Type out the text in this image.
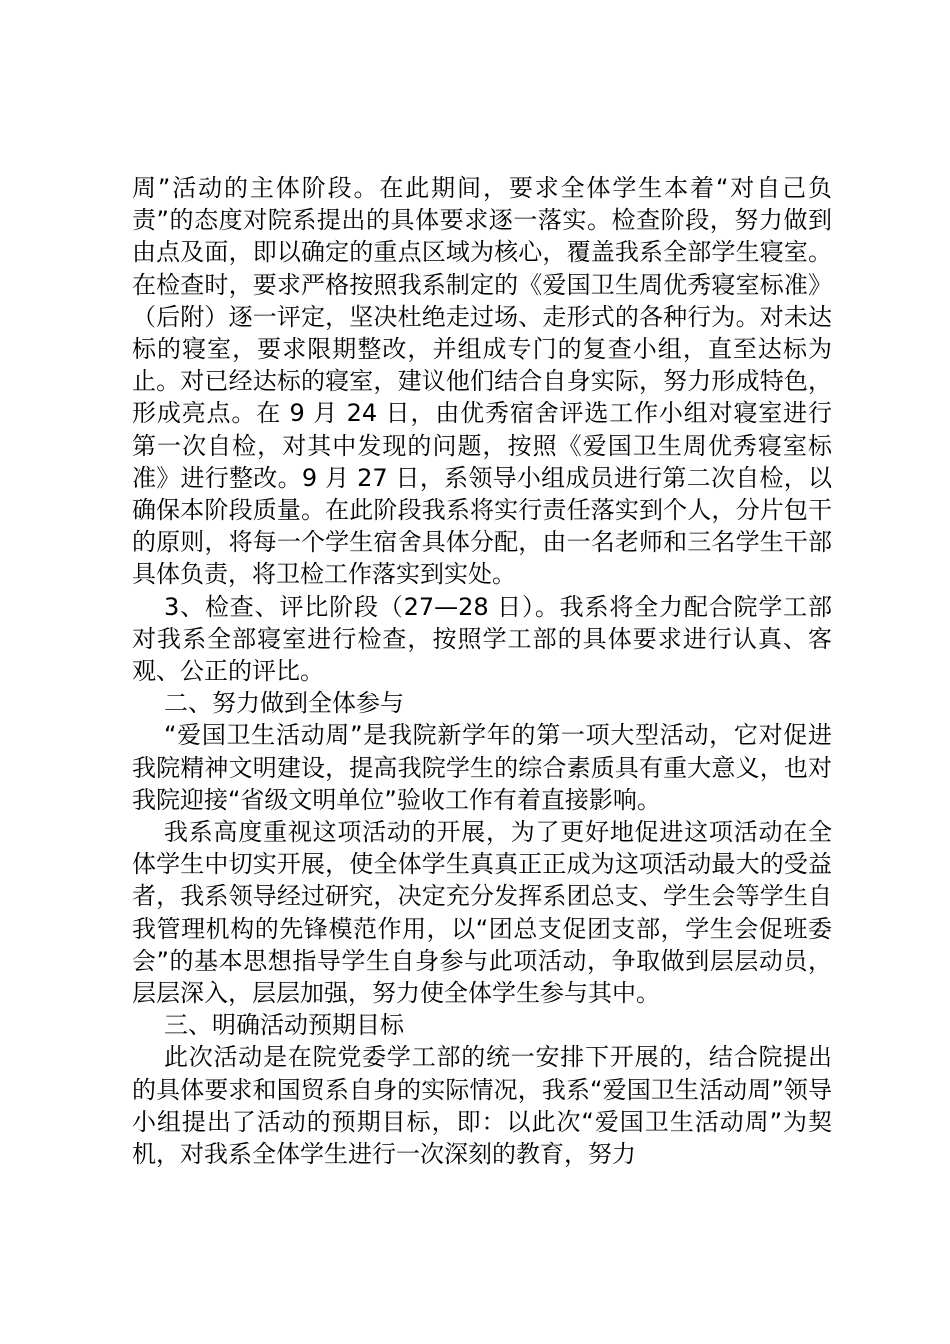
周”活动的主体阶段。在此期间，要求全体学生本着“对自己负责”的态度对院系提出的具体要求逐一落实。检查阶段，努力做到由点及面，即以确定的重点区域为核心，覆盖我系全部学生寝室。在检查时，要求严格按照我系制定的《爱国卫生周优秀寝室标准》（后附）逐一评定，坚决杜绝走过场、走形式的各种行为。对未达标的寝室，要求限期整改，并组成专门的复查小组，直至达标为止。对已经达标的寝室，建议他们结合自身实际，努力形成特色，形成亮点。在 9 月 24 日，由优秀宿舍评选工作小组对寝室进行第一次自检，对其中发现的问题，按照《爱国卫生周优秀寝室标准》进行整改。9 月 27 日，系领导小组成员进行第二次自检，以确保本阶段质量。在此阶段我系将实行责任落实到个人，分片包干的原则，将每一个学生宿舍具体分配，由一名老师和三名学生干部具体负责，将卫检工作落实到实处。

3、检查、评比阶段（27—28 日）。我系将全力配合院学工部对我系全部寝室进行检查，按照学工部的具体要求进行认真、客观、公正的评比。

二、努力做到全体参与

“爱国卫生活动周”是我院新学年的第一项大型活动，它对促进我院精神文明建设，提高我院学生的综合素质具有重大意义，也对我院迎接“省级文明单位”验收工作有着直接影响。

我系高度重视这项活动的开展，为了更好地促进这项活动在全体学生中切实开展，使全体学生真真正正成为这项活动最大的受益者，我系领导经过研究，决定充分发挥系团总支、学生会等学生自我管理机构的先锋模范作用，以“团总支促团支部，学生会促班委会”的基本思想指导学生自身参与此项活动，争取做到层层动员，层层深入，层层加强，努力使全体学生参与其中。

三、明确活动预期目标

此次活动是在院党委学工部的统一安排下开展的，结合院提出的具体要求和国贸系自身的实际情况，我系“爱国卫生活动周”领导小组提出了活动的预期目标，即：以此次“爱国卫生活动周”为契机，对我系全体学生进行一次深刻的教育，努力
